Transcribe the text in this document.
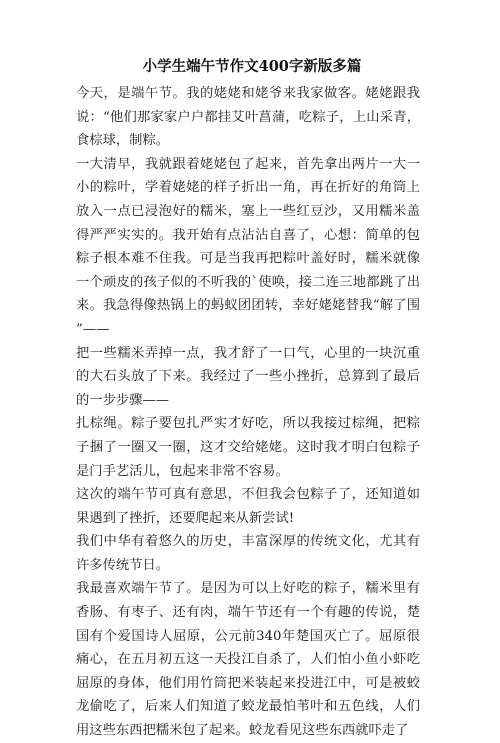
小学生端午节作文400字新版多篇

今天，是端午节。我的姥姥和姥爷来我家做客。姥姥跟我说：“他们那家家户户都挂艾叶菖蒲，吃粽子，上山采青，食棕球，制粽。

一大清早，我就跟着姥姥包了起来，首先拿出两片一大一小的粽叶，学着姥姥的样子折出一角，再在折好的角筒上放入一点已浸泡好的糯米，塞上一些红豆沙，又用糯米盖得严严实实的。我开始有点沾沾自喜了，心想：简单的包粽子根本难不住我。可是当我再把粽叶盖好时，糯米就像一个顽皮的孩子似的不听我的`使唤，接二连三地都跳了出来。我急得像热锅上的蚂蚁团团转，幸好姥姥替我“解了围”——

把一些糯米弄掉一点，我才舒了一口气，心里的一块沉重的大石头放了下来。我经过了一些小挫折，总算到了最后的一步步骤——

扎棕绳。粽子要包扎严实才好吃，所以我接过棕绳，把粽子捆了一圈又一圈，这才交给姥姥。这时我才明白包粽子是门手艺活儿，包起来非常不容易。

这次的端午节可真有意思，不但我会包粽子了，还知道如果遇到了挫折，还要爬起来从新尝试!

我们中华有着悠久的历史，丰富深厚的传统文化，尤其有许多传统节日。

我最喜欢端午节了。是因为可以上好吃的粽子，糯米里有香肠、有枣子、还有肉，端午节还有一个有趣的传说，楚国有个爱国诗人屈原，公元前340年楚国灭亡了。屈原很痛心，在五月初五这一天投江自杀了，人们怕小鱼小虾吃屈原的身体，他们用竹筒把米装起来投进江中，可是被蛟龙偷吃了，后来人们知道了蛟龙最怕苇叶和五色线，人们用这些东西把糯米包了起来。蛟龙看见这些东西就吓走了
